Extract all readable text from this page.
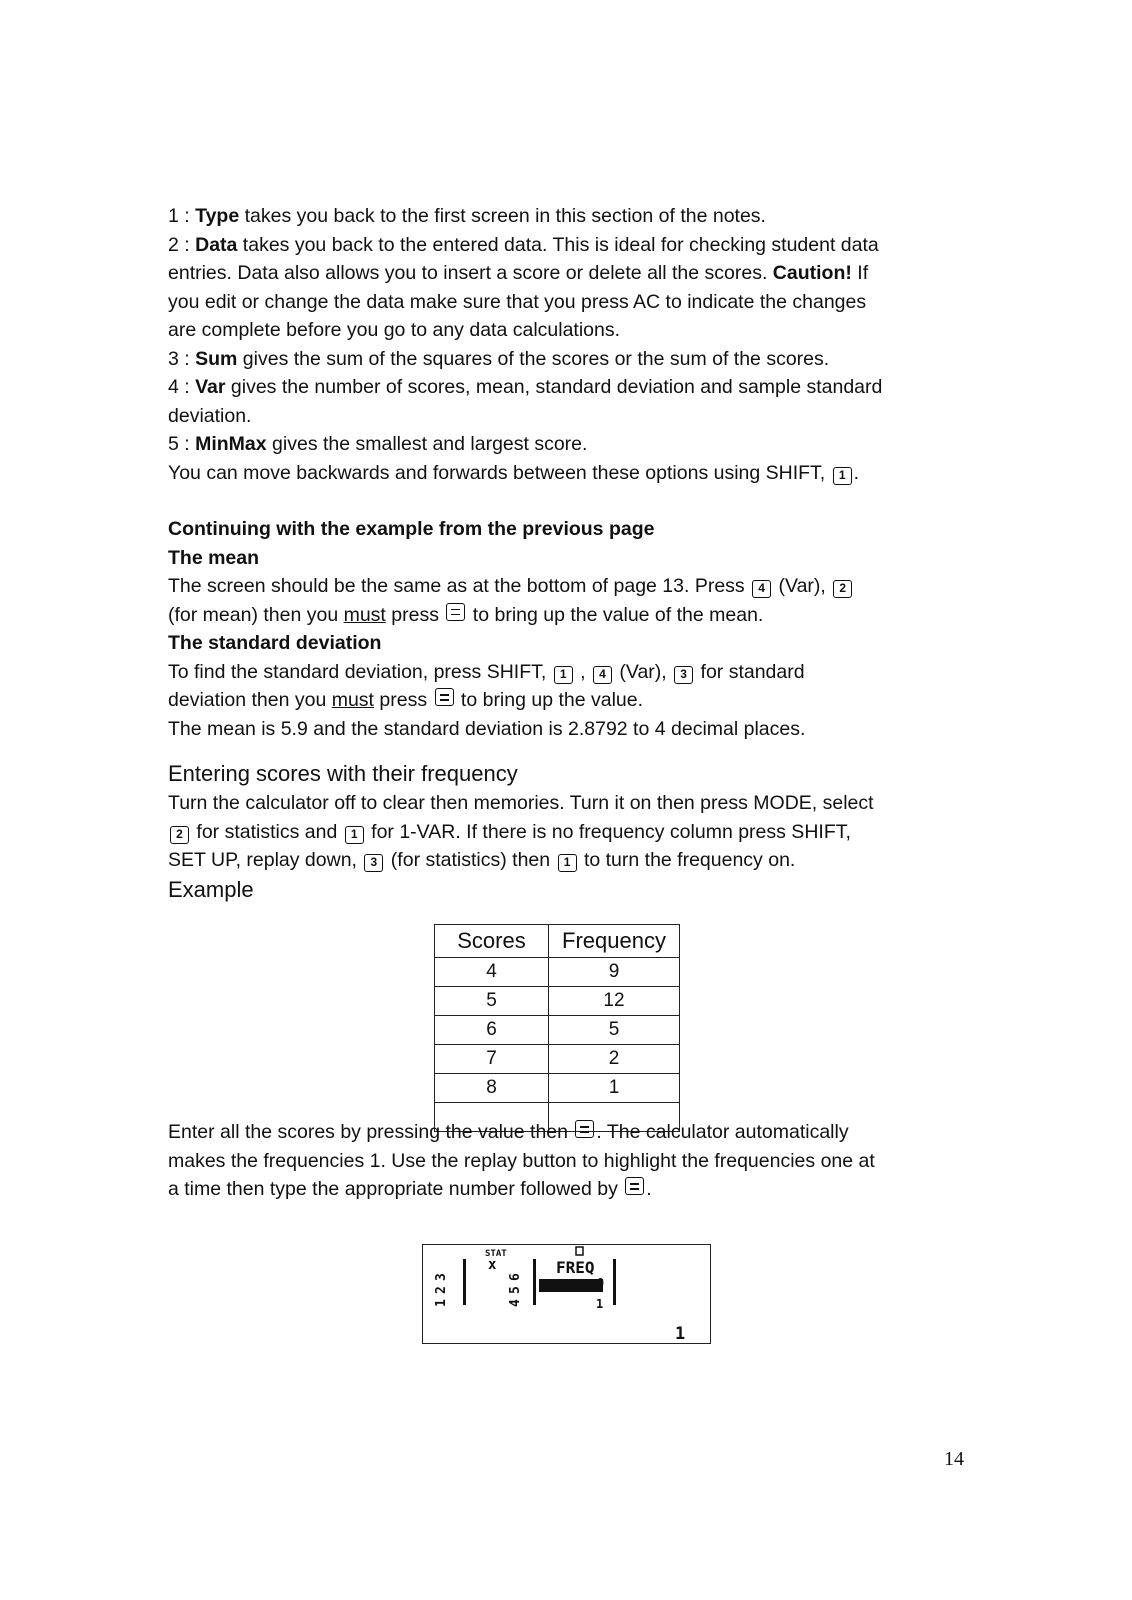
1 : Type takes you back to the first screen in this section of the notes.
2 : Data takes you back to the entered data. This is ideal for checking student data
entries. Data also allows you to insert a score or delete all the scores. Caution! If
you edit or change the data make sure that you press AC to indicate the changes
are complete before you go to any data calculations.
3 : Sum gives the sum of the squares of the scores or the sum of the scores.
4 : Var gives the number of scores, mean, standard deviation and sample standard
deviation.
5 : MinMax gives the smallest and largest score.
You can move backwards and forwards between these options using SHIFT, 1 .
Continuing with the example from the previous page
The mean
The screen should be the same as at the bottom of page 13. Press 4 (Var), 2
(for mean) then you must press  to bring up the value of the mean.
The standard deviation
To find the standard deviation, press SHIFT, 1 , 4 (Var), 3 for standard
deviation then you must press  to bring up the value.
The mean is 5.9 and the standard deviation is 2.8792 to 4 decimal places.
Entering scores with their frequency
Turn the calculator off to clear then memories. Turn it on then press MODE, select
2 for statistics and 1 for 1-VAR. If there is no frequency column press SHIFT,
SET UP, replay down, 3 (for statistics) then 1 to turn the frequency on.
Example
Scores	Frequency
4	9
5	12
6	5
7	2
8	1

Enter all the scores by pressing the value then . The calculator automatically
makes the frequencies 1. Use the replay button to highlight the frequencies one at
a time then type the appropriate number followed by .
STAT
x	FREQ
1
2
3
4
5
6	9
1
1
14
